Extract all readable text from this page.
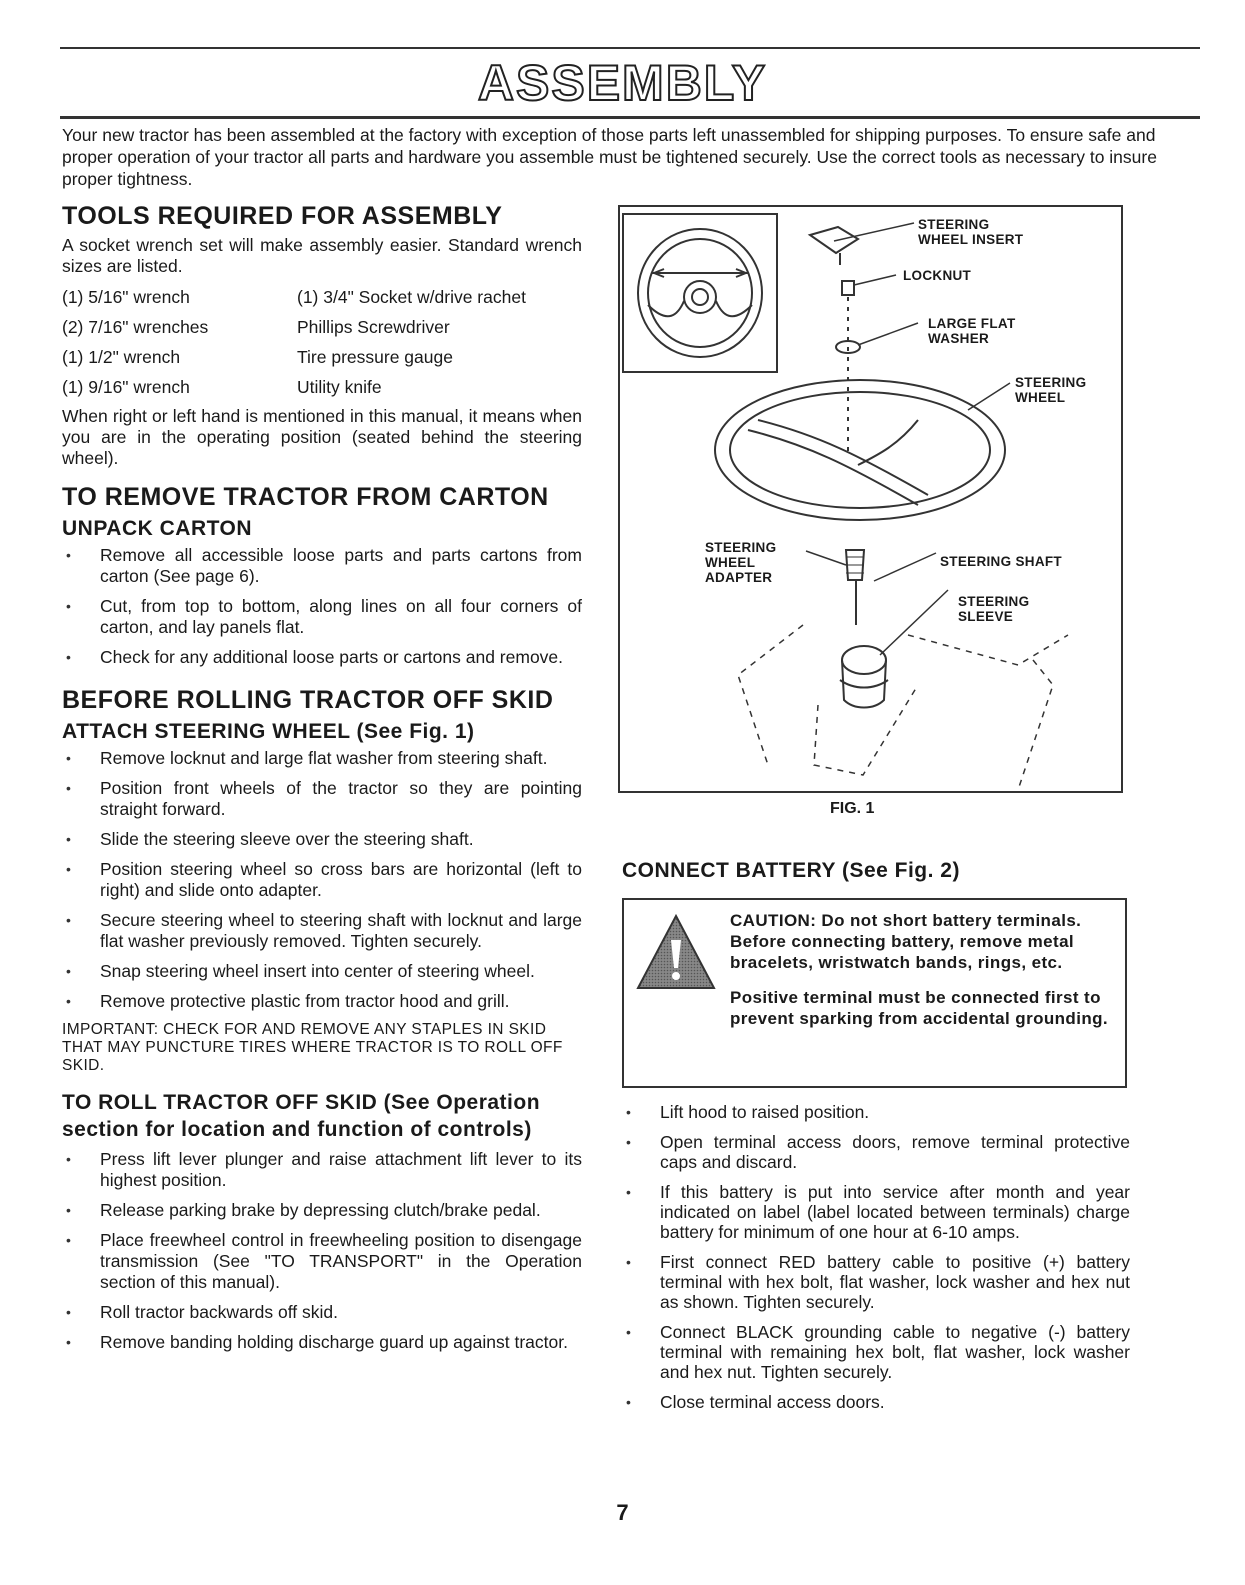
ASSEMBLY
Your new tractor has been assembled at the factory with exception of those parts left unassembled for shipping purposes. To ensure safe and proper operation of your tractor all parts and hardware you assemble must be tightened securely. Use the correct tools as necessary to insure proper tightness.
TOOLS REQUIRED FOR ASSEMBLY

A socket wrench set will make assembly easier. Standard wrench sizes are listed.

(1) 5/16" wrench	(1) 3/4" Socket w/drive rachet
(2) 7/16" wrenches	Phillips Screwdriver
(1) 1/2" wrench	Tire pressure gauge
(1) 9/16" wrench	Utility knife

When right or left hand is mentioned in this manual, it means when you are in the operating position (seated behind the steering wheel).

TO REMOVE TRACTOR FROM CARTON
UNPACK CARTON
• Remove all accessible loose parts and parts cartons from carton (See page 6).
• Cut, from top to bottom, along lines on all four corners of carton, and lay panels flat.
• Check for any additional loose parts or cartons and remove.
BEFORE ROLLING TRACTOR OFF SKID
ATTACH STEERING WHEEL (See Fig. 1)
• Remove locknut and large flat washer from steering shaft.
• Position front wheels of the tractor so they are pointing straight forward.
• Slide the steering sleeve over the steering shaft.
• Position steering wheel so cross bars are horizontal (left to right) and slide onto adapter.
• Secure steering wheel to steering shaft with locknut and large flat washer previously removed. Tighten securely.
• Snap steering wheel insert into center of steering wheel.
• Remove protective plastic from tractor hood and grill.

IMPORTANT: CHECK FOR AND REMOVE ANY STAPLES IN SKID THAT MAY PUNCTURE TIRES WHERE TRACTOR IS TO ROLL OFF SKID.

TO ROLL TRACTOR OFF SKID (See Operation section for location and function of controls)
• Press lift lever plunger and raise attachment lift lever to its highest position.
• Release parking brake by depressing clutch/brake pedal.
• Place freewheel control in freewheeling position to disengage transmission (See "TO TRANSPORT" in the Operation section of this manual).
• Roll tractor backwards off skid.
• Remove banding holding discharge guard up against tractor.
STEERING
WHEEL INSERT
LOCKNUT
LARGE FLAT
WASHER
STEERING
WHEEL
STEERING
WHEEL
ADAPTER
STEERING SHAFT
STEERING
SLEEVE
FIG. 1
CONNECT BATTERY (See Fig. 2)

CAUTION: Do not short battery terminals. Before connecting battery, remove metal bracelets, wristwatch bands, rings, etc.

Positive terminal must be connected first to prevent sparking from accidental grounding.

• Lift hood to raised position.
• Open terminal access doors, remove terminal protective caps and discard.
• If this battery is put into service after month and year indicated on label (label located between terminals) charge battery for minimum of one hour at 6-10 amps.
• First connect RED battery cable to positive (+) battery terminal with hex bolt, flat washer, lock washer and hex nut as shown. Tighten securely.
• Connect BLACK grounding cable to negative (-) battery terminal with remaining hex bolt, flat washer, lock washer and hex nut. Tighten securely.
• Close terminal access doors.
7
